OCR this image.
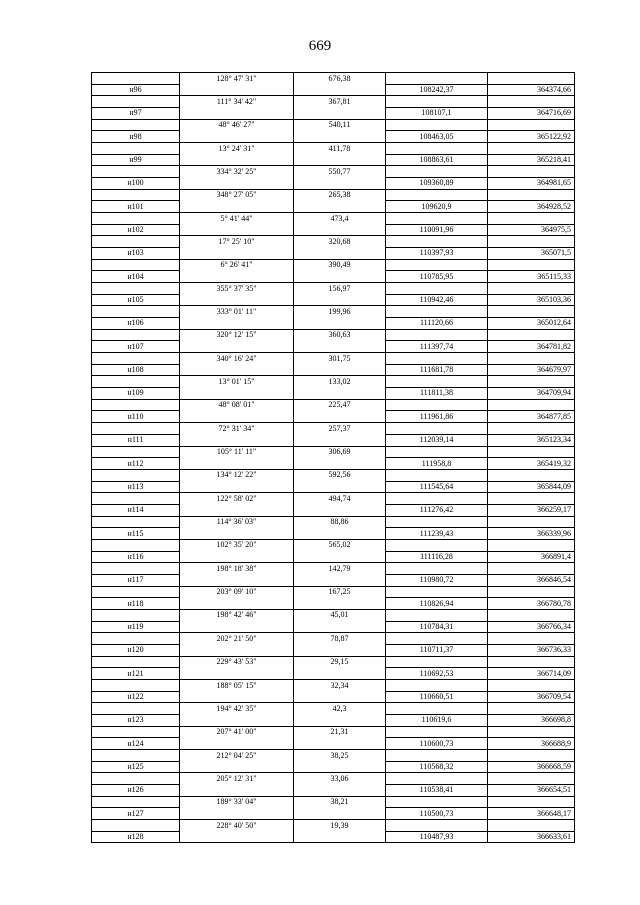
669
	128° 47' 31"	676,38		
н96			108242,37	364374,66
	111° 34' 42"	367,81		
н97			108107,1	364716,69
	48° 46' 27"	540,11		
н98			108463,05	365122,92
	13° 24' 31"	411,78		
н99			108863,61	365218,41
	334° 32' 25"	550,77		
н100			109360,89	364981,65
	348° 27' 05"	265,38		
н101			109620,9	364928,52
	5° 41' 44"	473,4		
н102			110091,96	364975,5
	17° 25' 10"	320,68		
н103			110397,93	365071,5
	6° 26' 41"	390,49		
н104			110785,95	365115,33
	355° 37' 35"	156,97		
н105			110942,46	365103,36
	333° 01' 11"	199,96		
н106			111120,66	365012,64
	320° 12' 15"	360,63		
н107			111397,74	364781,82
	340° 16' 24"	301,75		
н108			111681,78	364679,97
	13° 01' 15"	133,02		
н109			111811,38	364709,94
	48° 08' 01"	225,47		
н110			111961,86	364877,85
	72° 31' 34"	257,37		
н111			112039,14	365123,34
	105° 11' 11"	306,69		
н112			111958,8	365419,32
	134° 12' 22"	592,56		
н113			111545,64	365844,09
	122° 58' 02"	494,74		
н114			111276,42	366259,17
	114° 36' 03"	88,86		
н115			111239,43	366339,96
	102° 35' 20"	565,02		
н116			111116,28	366891,4
	198° 18' 38"	142,79		
н117			110980,72	366846,54
	203° 09' 10"	167,25		
н118			110826,94	366780,78
	198° 42' 46"	45,01		
н119			110784,31	366766,34
	202° 21' 50"	78,87		
н120			110711,37	366736,33
	229° 43' 53"	29,15		
н121			110692,53	366714,09
	188° 05' 15"	32,34		
н122			110660,51	366709,54
	194° 42' 35"	42,3		
н123			110619,6	366698,8
	207° 41' 00"	21,31		
н124			110600,73	366688,9
	212° 04' 25"	38,25		
н125			110568,32	366668,59
	205° 12' 31"	33,06		
н126			110538,41	366654,51
	189° 33' 04"	38,21		
н127			110500,73	366648,17
	228° 40' 50"	19,39		
н128			110487,93	366633,61
